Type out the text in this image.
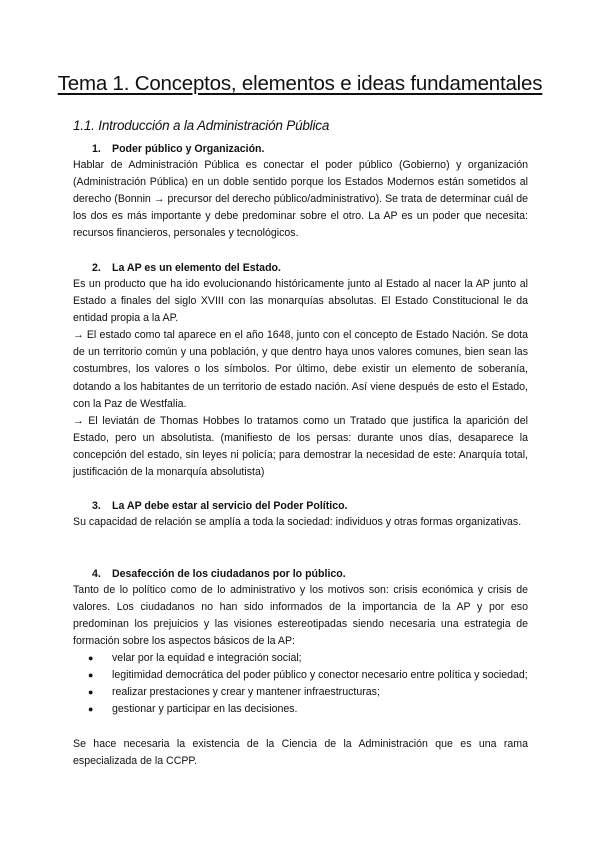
Tema 1. Conceptos, elementos e ideas fundamentales
1.1. Introducción a la Administración Pública
1. Poder público y Organización.

Hablar de Administración Pública es conectar el poder público (Gobierno) y organización (Administración Pública) en un doble sentido porque los Estados Modernos están sometidos al derecho (Bonnin → precursor del derecho público/administrativo). Se trata de determinar cuál de los dos es más importante y debe predominar sobre el otro. La AP es un poder que necesita: recursos financieros, personales y tecnológicos.

2. La AP es un elemento del Estado.

Es un producto que ha ido evolucionando históricamente junto al Estado al nacer la AP junto al Estado a finales del siglo XVIII con las monarquías absolutas. El Estado Constitucional le da entidad propia a la AP.

→ El estado como tal aparece en el año 1648, junto con el concepto de Estado Nación. Se dota de un territorio común y una población, y que dentro haya unos valores comunes, bien sean las costumbres, los valores o los símbolos. Por último, debe existir un elemento de soberanía, dotando a los habitantes de un territorio de estado nación. Así viene después de esto el Estado, con la Paz de Westfalia.

→ El leviatán de Thomas Hobbes lo tratamos como un Tratado que justifica la aparición del Estado, pero un absolutista. (manifiesto de los persas: durante unos días, desaparece la concepción del estado, sin leyes ni policía; para demostrar la necesidad de este: Anarquía total, justificación de la monarquía absolutista)

3. La AP debe estar al servicio del Poder Político.

Su capacidad de relación se amplía a toda la sociedad: individuos y otras formas organizativas.

4. Desafección de los ciudadanos por lo público.

Tanto de lo político como de lo administrativo y los motivos son: crisis económica y crisis de valores. Los ciudadanos no han sido informados de la importancia de la AP y por eso predominan los prejuicios y las visiones estereotipadas siendo necesaria una estrategia de formación sobre los aspectos básicos de la AP:

● velar por la equidad e integración social;
● legitimidad democrática del poder público y conector necesario entre política y sociedad;
● realizar prestaciones y crear y mantener infraestructuras;
● gestionar y participar en las decisiones.

Se hace necesaria la existencia de la Ciencia de la Administración que es una rama especializada de la CCPP.
